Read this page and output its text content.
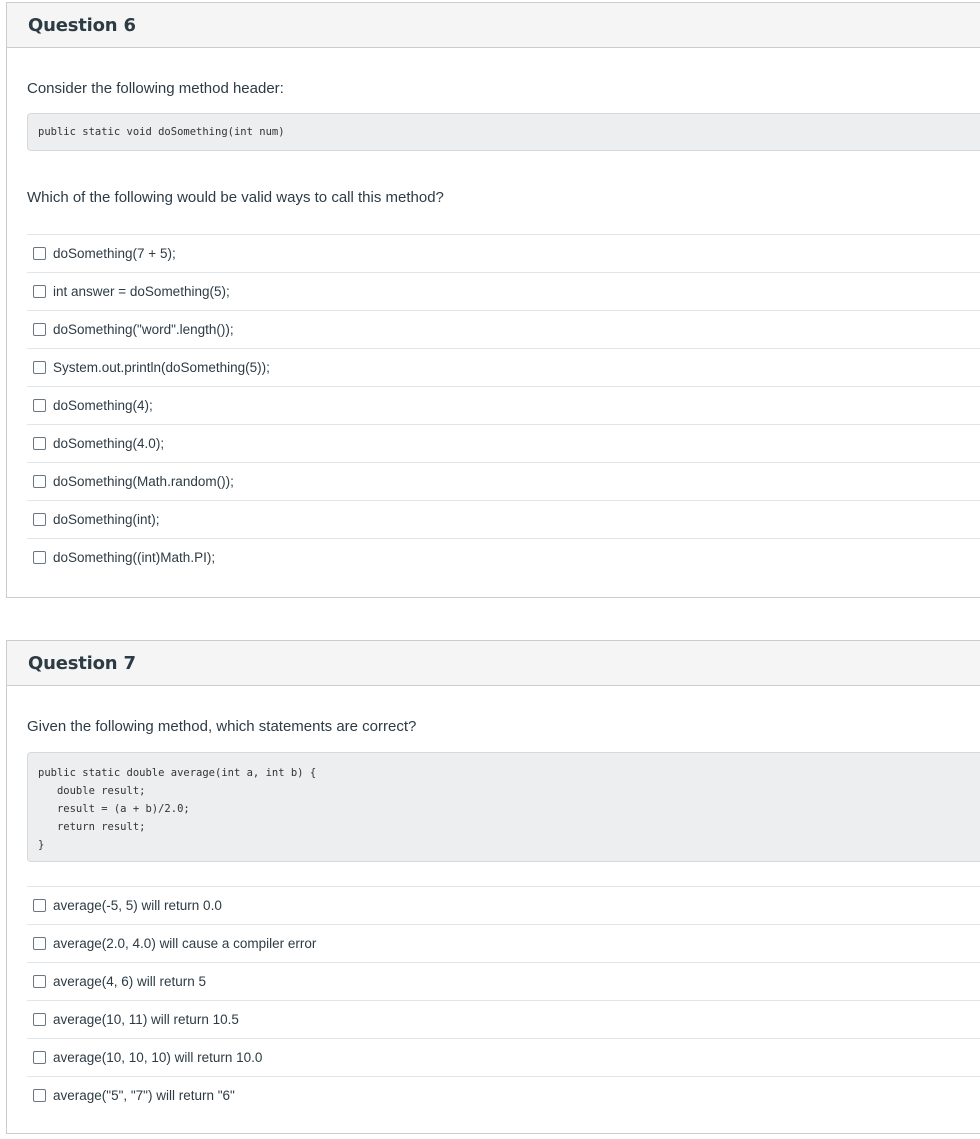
Question 6

Consider the following method header:

public static void doSomething(int num)

Which of the following would be valid ways to call this method?

doSomething(7 + 5);
int answer = doSomething(5);
doSomething("word".length());
System.out.println(doSomething(5));
doSomething(4);
doSomething(4.0);
doSomething(Math.random());
doSomething(int);
doSomething((int)Math.PI);
Question 7

Given the following method, which statements are correct?

public static double average(int a, int b) {
double result;
result = (a + b)/2.0;
return result;
}
average(-5, 5) will return 0.0
average(2.0, 4.0) will cause a compiler error
average(4, 6) will return 5
average(10, 11) will return 10.5
average(10, 10, 10) will return 10.0
average("5", "7") will return "6"
